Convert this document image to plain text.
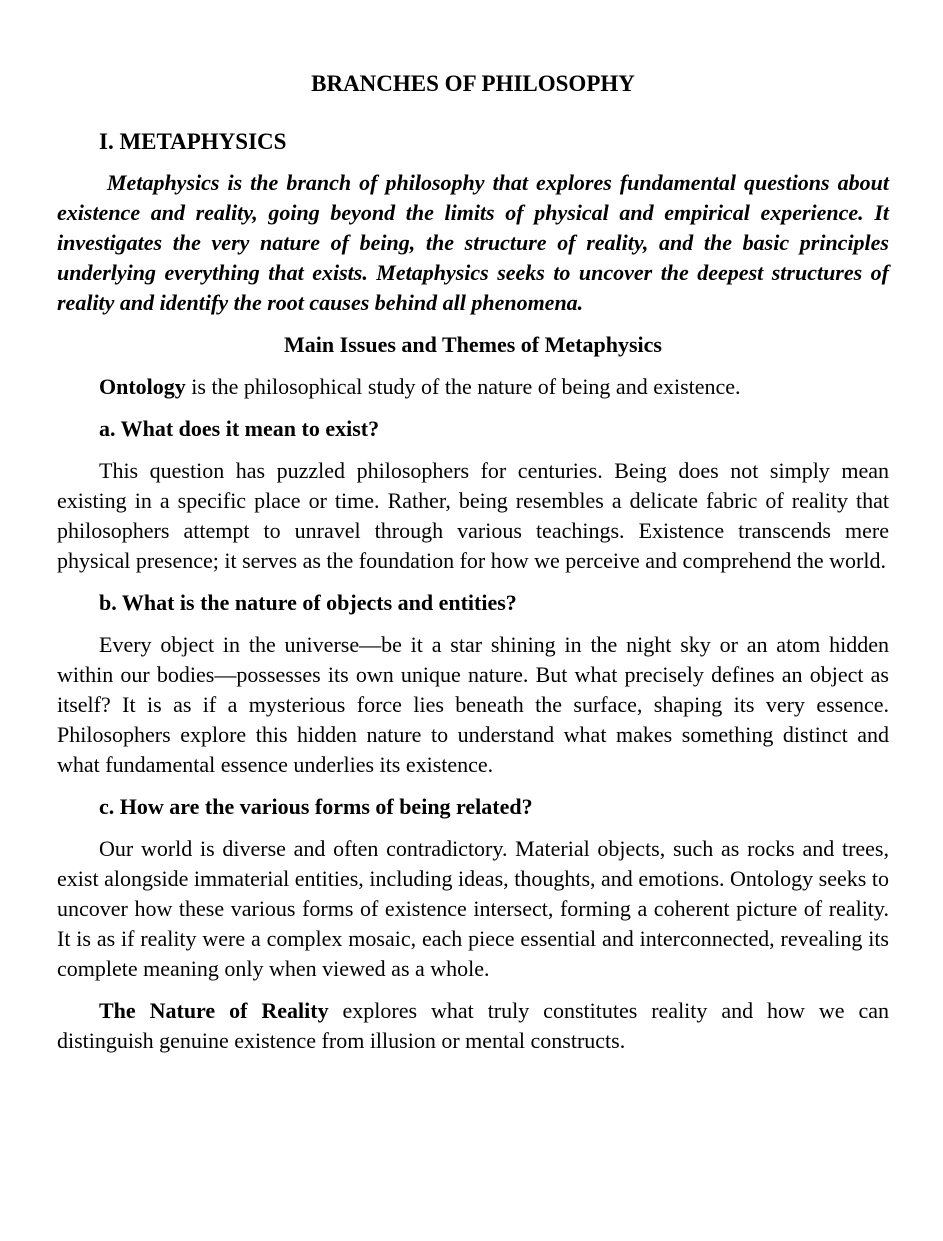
BRANCHES OF PHILOSOPHY
I. METAPHYSICS

Metaphysics is the branch of philosophy that explores fundamental questions about existence and reality, going beyond the limits of physical and empirical experience. It investigates the very nature of being, the structure of reality, and the basic principles underlying everything that exists. Metaphysics seeks to uncover the deepest structures of reality and identify the root causes behind all phenomena.

Main Issues and Themes of Metaphysics

Ontology is the philosophical study of the nature of being and existence.

a. What does it mean to exist?

This question has puzzled philosophers for centuries. Being does not simply mean existing in a specific place or time. Rather, being resembles a delicate fabric of reality that philosophers attempt to unravel through various teachings. Existence transcends mere physical presence; it serves as the foundation for how we perceive and comprehend the world.

b. What is the nature of objects and entities?

Every object in the universe—be it a star shining in the night sky or an atom hidden within our bodies—possesses its own unique nature. But what precisely defines an object as itself? It is as if a mysterious force lies beneath the surface, shaping its very essence. Philosophers explore this hidden nature to understand what makes something distinct and what fundamental essence underlies its existence.

c. How are the various forms of being related?

Our world is diverse and often contradictory. Material objects, such as rocks and trees, exist alongside immaterial entities, including ideas, thoughts, and emotions. Ontology seeks to uncover how these various forms of existence intersect, forming a coherent picture of reality. It is as if reality were a complex mosaic, each piece essential and interconnected, revealing its complete meaning only when viewed as a whole.

The Nature of Reality explores what truly constitutes reality and how we can distinguish genuine existence from illusion or mental constructs.
